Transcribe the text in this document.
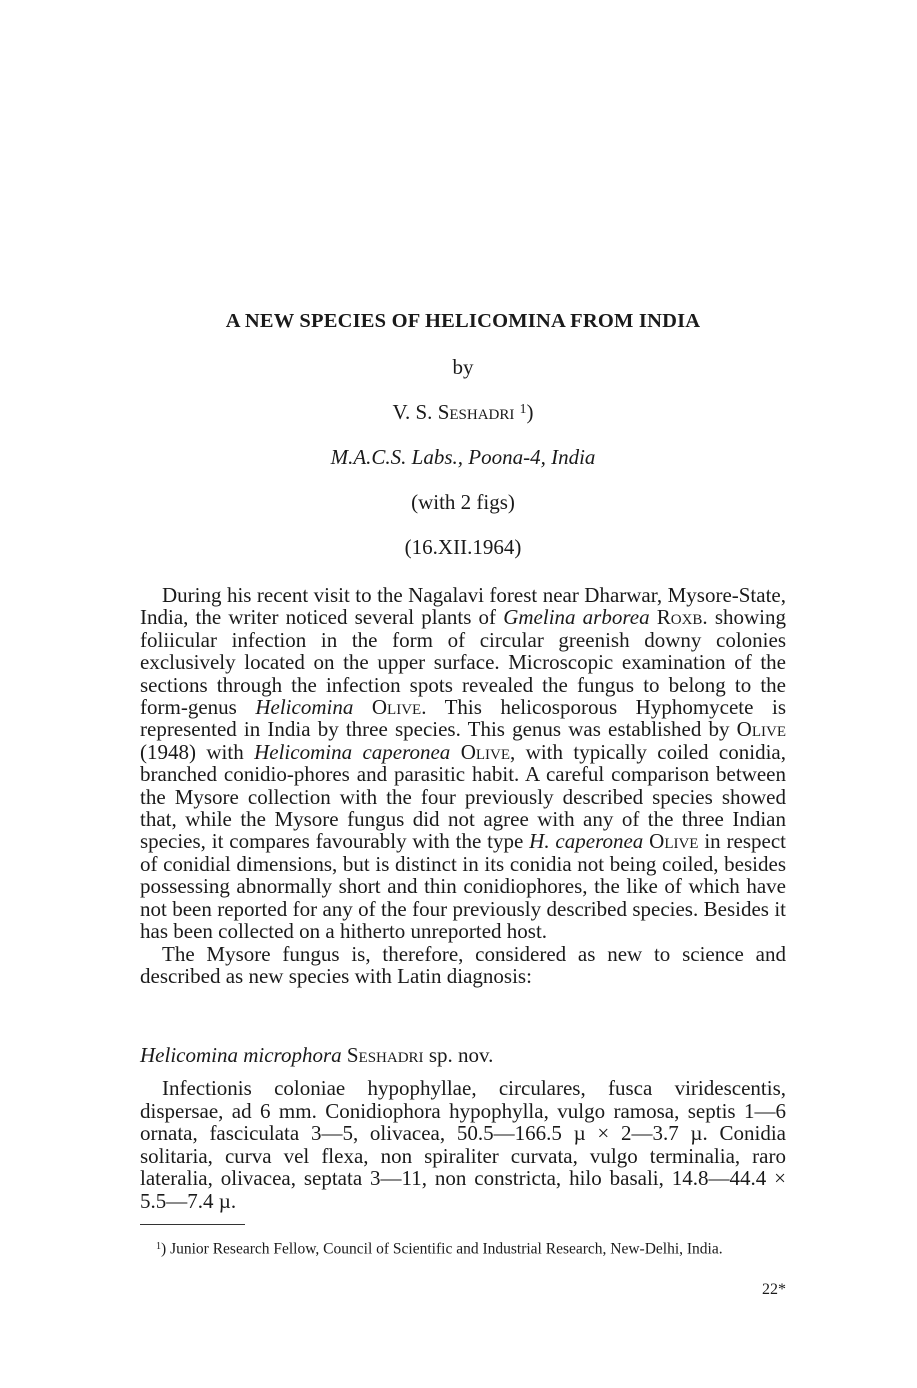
A NEW SPECIES OF HELICOMINA FROM INDIA
by
V. S. Seshadri $^1$)
M.A.C.S. Labs., Poona-4, India
(with 2 figs)
(16.XII.1964)

During his recent visit to the Nagalavi forest near Dharwar, Mysore-State, India, the writer noticed several plants of Gmelina arborea Roxb. showing foliicular infection in the form of circular greenish downy colonies exclusively located on the upper surface. Microscopic examination of the sections through the infection spots revealed the fungus to belong to the form-genus Helicomina Olive. This helicosporous Hyphomycete is represented in India by three species. This genus was established by Olive (1948) with Helicomina caperonea Olive, with typically coiled conidia, branched conidio-phores and parasitic habit. A careful comparison between the Mysore collection with the four previously described species showed that, while the Mysore fungus did not agree with any of the three Indian species, it compares favourably with the type H. caperonea Olive in respect of conidial dimensions, but is distinct in its conidia not being coiled, besides possessing abnormally short and thin conidiophores, the like of which have not been reported for any of the four previously described species. Besides it has been collected on a hitherto unreported host.

The Mysore fungus is, therefore, considered as new to science and described as new species with Latin diagnosis:

Helicomina microphora Seshadri sp. nov.
Infectionis coloniae hypophyllae, circulares, fusca viridescentis, dispersae, ad 6 mm. Conidiophora hypophylla, vulgo ramosa, septis 1—6 ornata, fasciculata 3—5, olivacea, 50.5—166.5 µ × 2—3.7 µ. Conidia solitaria, curva vel flexa, non spiraliter curvata, vulgo terminalia, raro lateralia, olivacea, septata 3—11, non constricta, hilo basali, 14.8—44.4 × 5.5—7.4 µ.
$^1$) Junior Research Fellow, Council of Scientific and Industrial Research, New-Delhi, India.
22*
